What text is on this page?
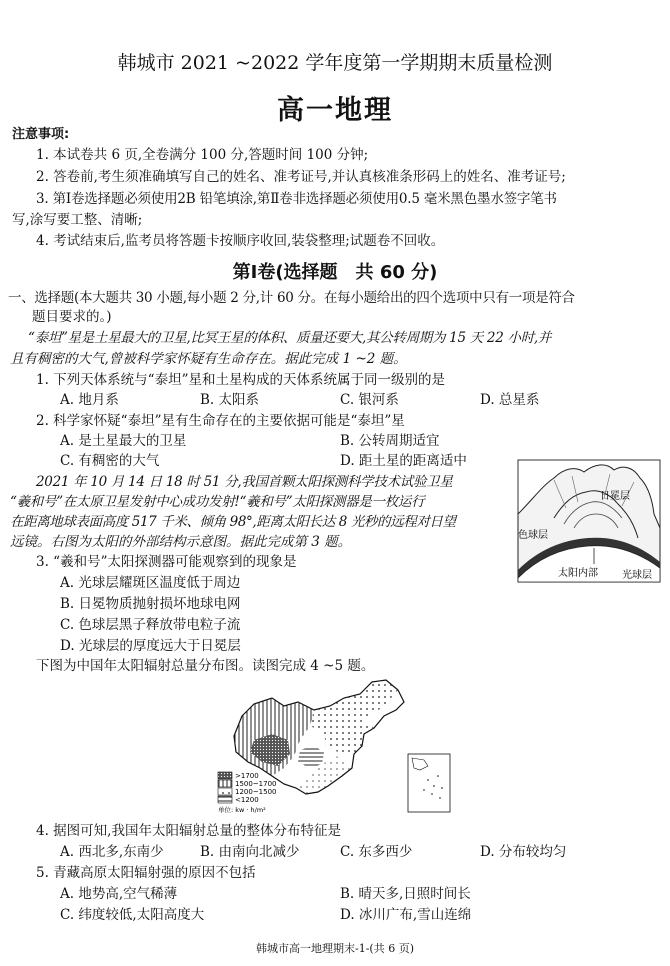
韩城市 2021 ~2022 学年度第一学期期末质量检测
高一地理
注意事项:
1. 本试卷共 6 页,全卷满分 100 分,答题时间 100 分钟;
2. 答卷前,考生须准确填写自己的姓名、准考证号,并认真核准条形码上的姓名、准考证号;
3. 第Ⅰ卷选择题必须使用2B 铅笔填涂,第Ⅱ卷非选择题必须使用0.5 毫米黑色墨水签字笔书
写,涂写要工整、清晰;
4. 考试结束后,监考员将答题卡按顺序收回,装袋整理;试题卷不回收。
第Ⅰ卷(选择题　共 60 分)
一、选择题(本大题共 30 小题,每小题 2 分,计 60 分。在每小题给出的四个选项中只有一项是符合
题目要求的。)
“泰坦”星是土星最大的卫星,比冥王星的体积、质量还要大,其公转周期为 15 天 22 小时,并
且有稠密的大气,曾被科学家怀疑有生命存在。据此完成 1 ~2 题。
1. 下列天体系统与“泰坦”星和土星构成的天体系统属于同一级别的是
A. 地月系	B. 太阳系	C. 银河系	D. 总星系
2. 科学家怀疑“泰坦”星有生命存在的主要依据可能是“泰坦”星
A. 是土星最大的卫星	B. 公转周期适宜
C. 有稠密的大气	D. 距土星的距离适中
2021 年 10 月 14 日 18 时 51 分,我国首颗太阳探测科学技术试验卫星
“羲和号”在太原卫星发射中心成功发射!“羲和号”太阳探测器是一枚运行
在距离地球表面高度 517 千米、倾角 98°,距离太阳长达 8 光秒的远程对日望
远镜。右图为太阳的外部结构示意图。据此完成第 3 题。
日冕层
色球层
太阳内部 光球层
3. “羲和号”太阳探测器可能观察到的现象是
A. 光球层耀斑区温度低于周边
B. 日冕物质抛射损坏地球电网
C. 色球层黑子释放带电粒子流
D. 光球层的厚度远大于日冕层
下图为中国年太阳辐射总量分布图。读图完成 4 ~5 题。
>1700
1500~1700
1200~1500
<1200
单位: kw · h/m²
4. 据图可知,我国年太阳辐射总量的整体分布特征是
A. 西北多,东南少	B. 由南向北减少	C. 东多西少	D. 分布较均匀
5. 青藏高原太阳辐射强的原因不包括
A. 地势高,空气稀薄	B. 晴天多,日照时间长
C. 纬度较低,太阳高度大	D. 冰川广布,雪山连绵
韩城市高一地理期末-1-(共 6 页)
